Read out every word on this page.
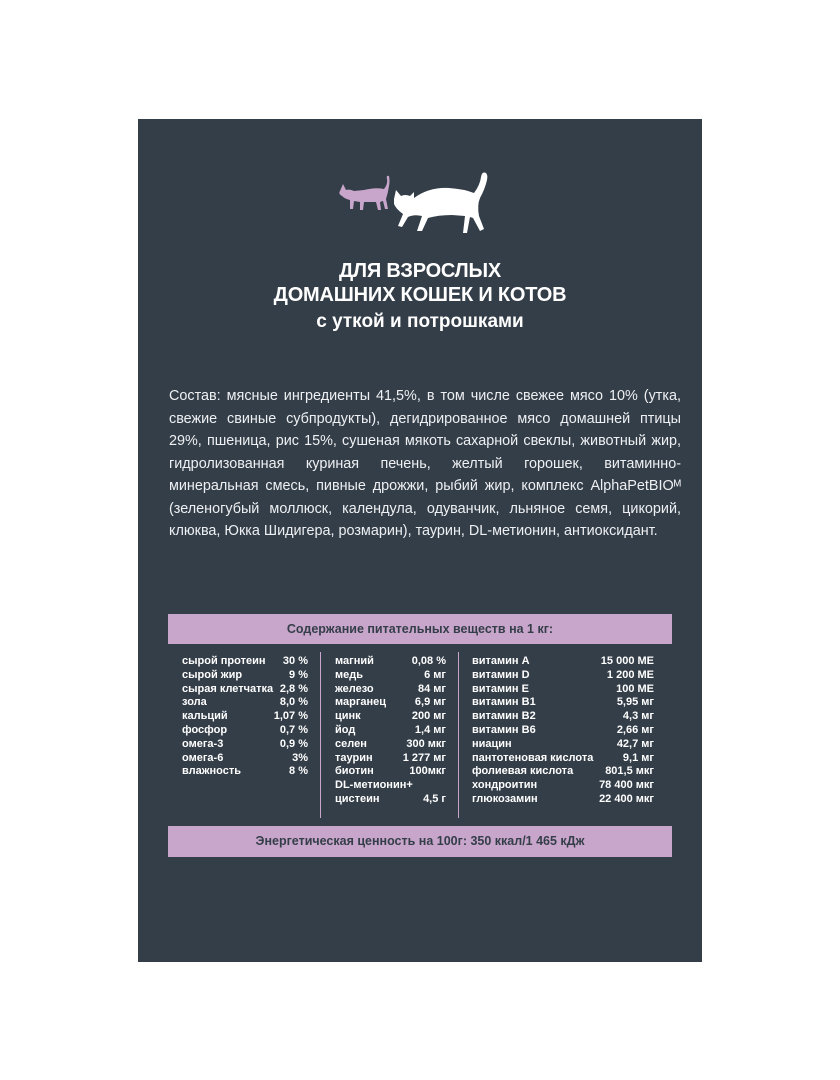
ДЛЯ ВЗРОСЛЫХ
ДОМАШНИХ КОШЕК И КОТОВ
с уткой и потрошками
Состав: мясные ингредиенты 41,5%, в том числе свежее мясо 10% (утка, свежие свиные субпродукты), дегидрированное мясо домашней птицы 29%, пшеница, рис 15%, сушеная мякоть сахарной свеклы, животный жир, гидролизованная куриная печень, желтый горошек, витаминно-минеральная смесь, пивные дрожжи, рыбий жир, комплекс AlphaPetBIOᴹ (зеленогубый моллюск, календула, одуванчик, льняное семя, цикорий, клюква, Юкка Шидигера, розмарин), таурин, DL-метионин, антиоксидант.
Содержание питательных веществ на 1 кг:
сырой протеин 30 %
сырой жир	9 %
сырая клетчатка 2,8 %
зола	8,0 %
кальций	1,07 %
фосфор	0,7 %
омега-3	0,9 %
омега-6	3%
влажность	8 %
магний	0,08 %
медь	6 мг
железо	84 мг
марганец	6,9 мг
цинк	200 мг
йод	1,4 мг
селен	300 мкг
таурин	1 277 мг
биотин	100мкг
DL-метионин+
цистеин	4,5 г
витамин А	15 000 МЕ
витамин D	1 200 МЕ
витамин Е	100 МЕ
витамин В1	5,95 мг
витамин В2	4,3 мг
витамин В6	2,66 мг
ниацин	42,7 мг
пантотеновая кислота	9,1 мг
фолиевая кислота	801,5 мкг
хондроитин	78 400 мкг
глюкозамин	22 400 мкг
Энергетическая ценность на 100г: 350 ккал/1 465 кДж
